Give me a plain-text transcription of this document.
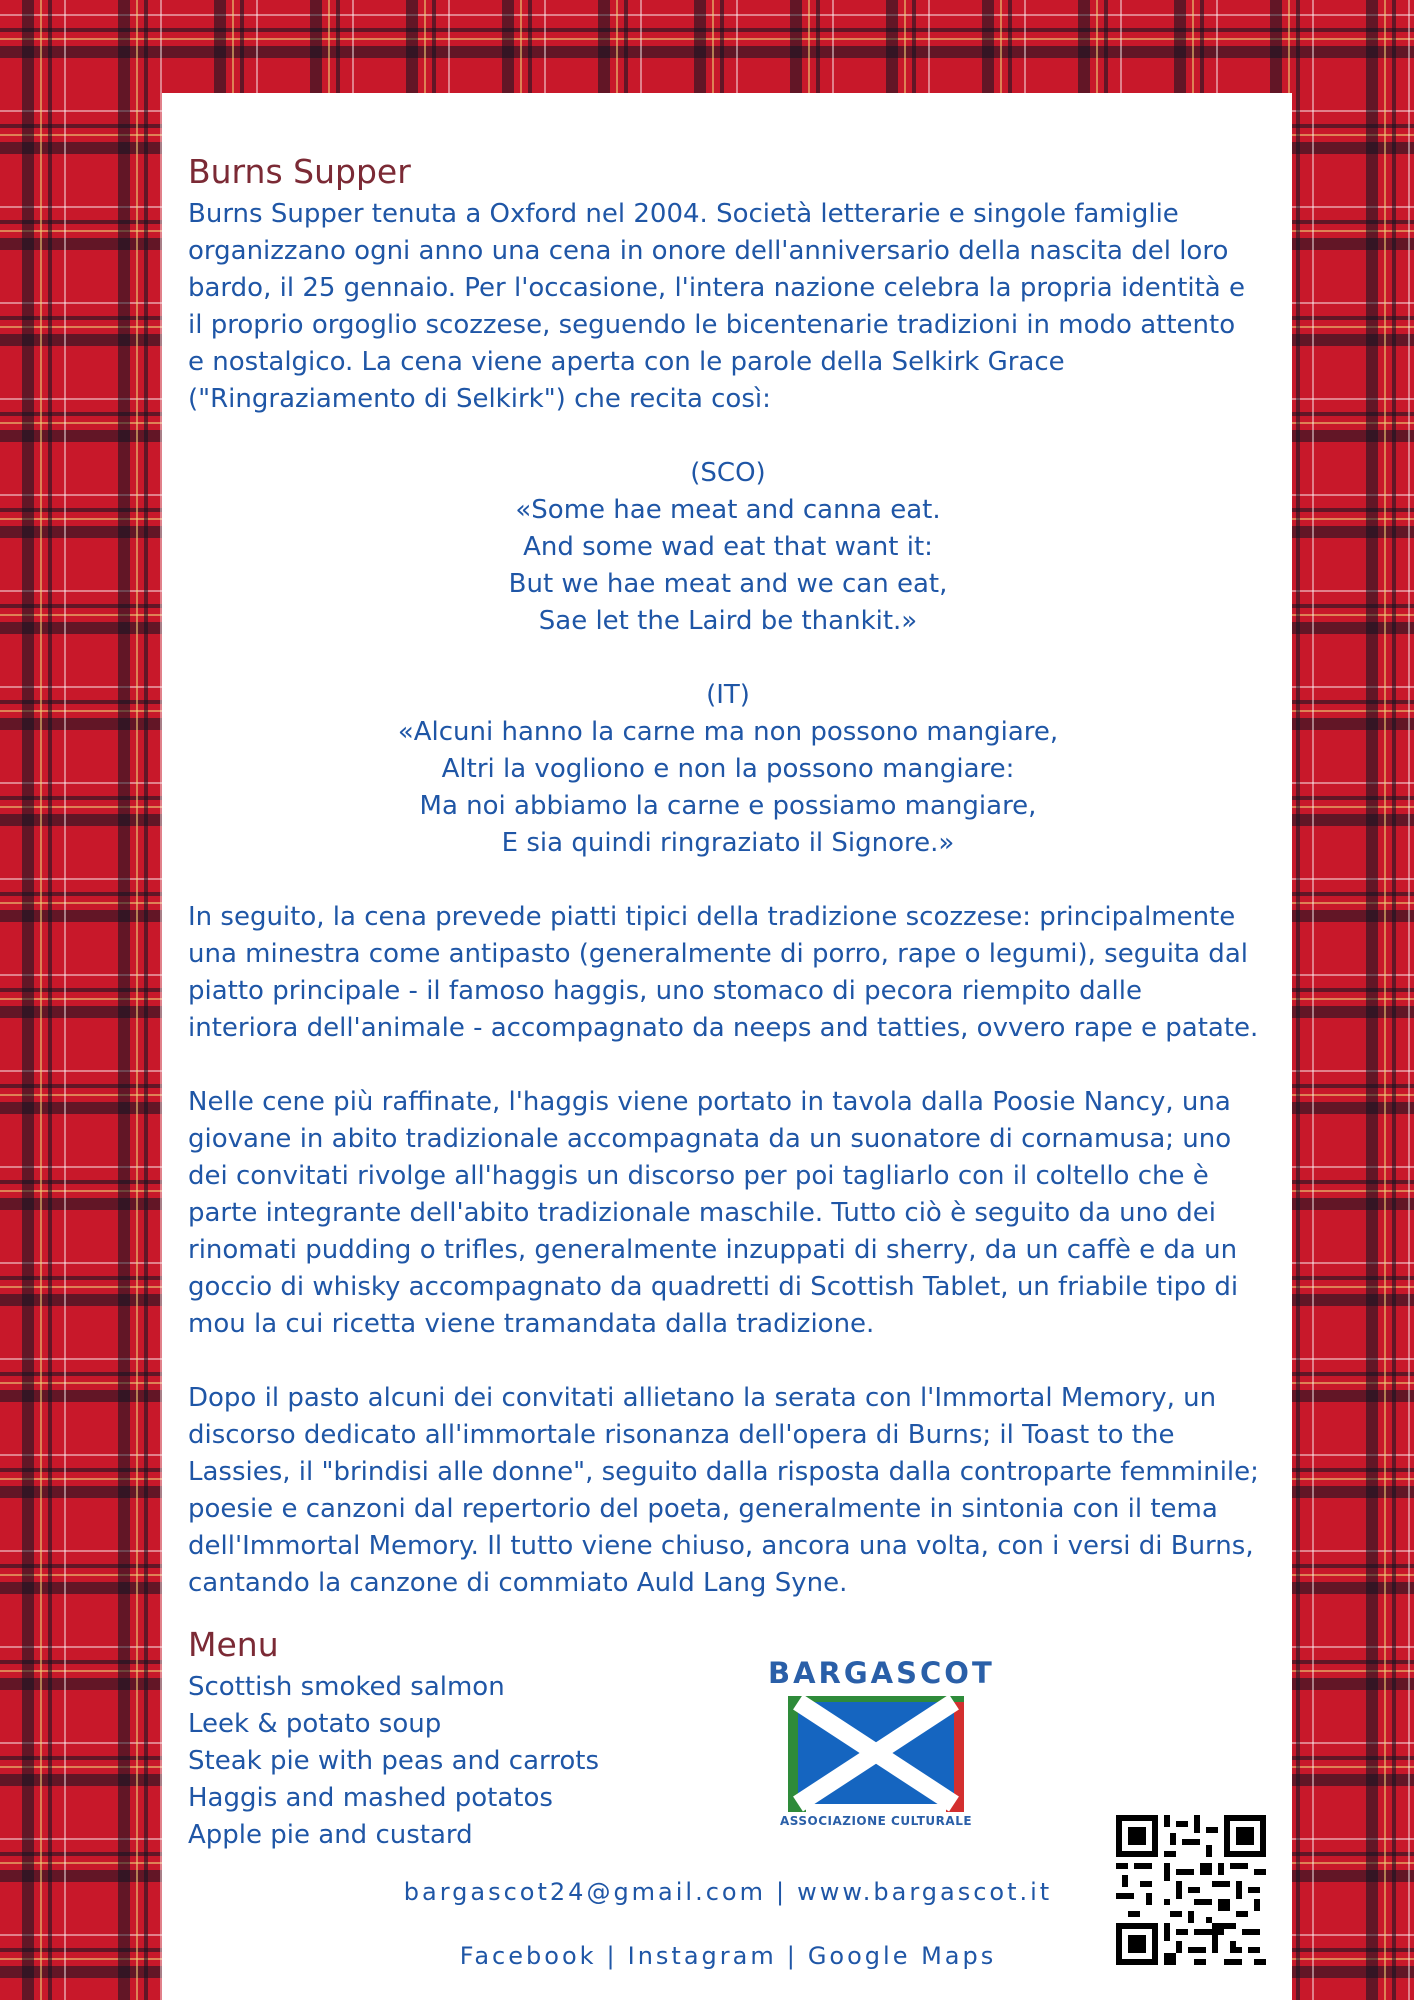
Burns Supper

Burns Supper tenuta a Oxford nel 2004. Società letterarie e singole famiglie
organizzano ogni anno una cena in onore dell'anniversario della nascita del loro
bardo, il 25 gennaio. Per l'occasione, l'intera nazione celebra la propria identità e
il proprio orgoglio scozzese, seguendo le bicentenarie tradizioni in modo attento
e nostalgico. La cena viene aperta con le parole della Selkirk Grace
("Ringraziamento di Selkirk") che recita così:

(SCO)
«Some hae meat and canna eat.
And some wad eat that want it:
But we hae meat and we can eat,
Sae let the Laird be thankit.»

(IT)
«Alcuni hanno la carne ma non possono mangiare,
Altri la vogliono e non la possono mangiare:
Ma noi abbiamo la carne e possiamo mangiare,
E sia quindi ringraziato il Signore.»

In seguito, la cena prevede piatti tipici della tradizione scozzese: principalmente
una minestra come antipasto (generalmente di porro, rape o legumi), seguita dal
piatto principale - il famoso haggis, uno stomaco di pecora riempito dalle
interiora dell'animale - accompagnato da neeps and tatties, ovvero rape e patate.

Nelle cene più raffinate, l'haggis viene portato in tavola dalla Poosie Nancy, una
giovane in abito tradizionale accompagnata da un suonatore di cornamusa; uno
dei convitati rivolge all'haggis un discorso per poi tagliarlo con il coltello che è
parte integrante dell'abito tradizionale maschile. Tutto ciò è seguito da uno dei
rinomati pudding o trifles, generalmente inzuppati di sherry, da un caffè e da un
goccio di whisky accompagnato da quadretti di Scottish Tablet, un friabile tipo di
mou la cui ricetta viene tramandata dalla tradizione.

Dopo il pasto alcuni dei convitati allietano la serata con l'Immortal Memory, un
discorso dedicato all'immortale risonanza dell'opera di Burns; il Toast to the
Lassies, il "brindisi alle donne", seguito dalla risposta dalla controparte femminile;
poesie e canzoni dal repertorio del poeta, generalmente in sintonia con il tema
dell'Immortal Memory. Il tutto viene chiuso, ancora una volta, con i versi di Burns,
cantando la canzone di commiato Auld Lang Syne.

Menu
Scottish smoked salmon
Leek & potato soup
Steak pie with peas and carrots
Haggis and mashed potatos
Apple pie and custard
BARGASCOT
ASSOCIAZIONE CULTURALE
bargascot24@gmail.com | www.bargascot.it
Facebook | Instagram | Google Maps
